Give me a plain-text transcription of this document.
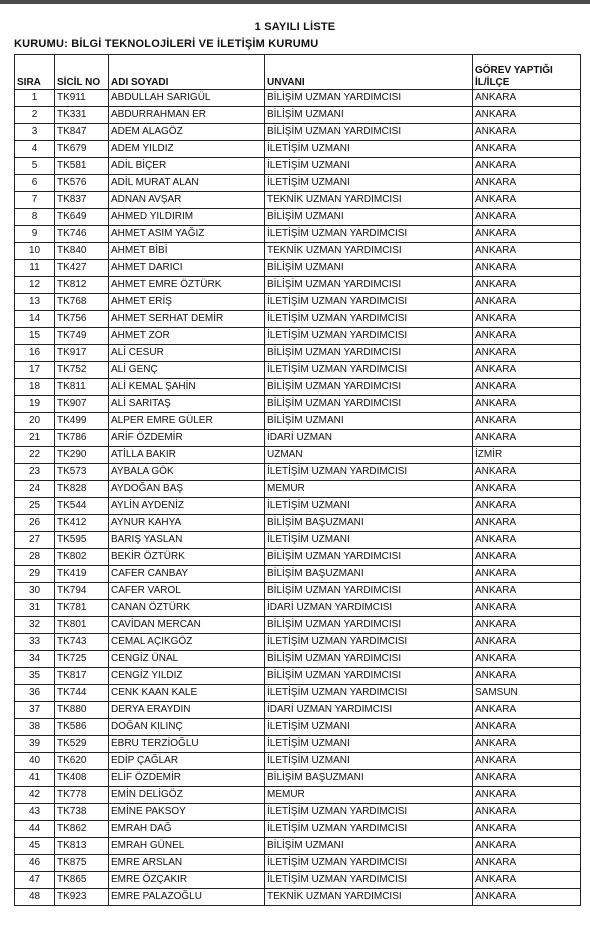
1 SAYILI LİSTE
KURUMU: BİLGİ TEKNOLOJİLERİ VE İLETİŞİM KURUMU
SIRA	SİCİL NO	ADI SOYADI	UNVANI	GÖREV YAPTIĞI
İL/İLÇE
1	TK911	ABDULLAH SARIGÜL	BİLİŞİM UZMAN YARDIMCISI	ANKARA
2	TK331	ABDURRAHMAN ER	BİLİŞİM UZMANI	ANKARA
3	TK847	ADEM ALAGÖZ	BİLİŞİM UZMAN YARDIMCISI	ANKARA
4	TK679	ADEM YILDIZ	İLETİŞİM UZMANI	ANKARA
5	TK581	ADİL BİÇER	İLETİŞİM UZMANI	ANKARA
6	TK576	ADİL MURAT ALAN	İLETİŞİM UZMANI	ANKARA
7	TK837	ADNAN AVŞAR	TEKNİK UZMAN YARDIMCISI	ANKARA
8	TK649	AHMED YILDIRIM	BİLİŞİM UZMANI	ANKARA
9	TK746	AHMET ASIM YAĞIZ	İLETİŞİM UZMAN YARDIMCISI	ANKARA
10	TK840	AHMET BİBİ	TEKNİK UZMAN YARDIMCISI	ANKARA
11	TK427	AHMET DARICI	BİLİŞİM UZMANI	ANKARA
12	TK812	AHMET EMRE ÖZTÜRK	BİLİŞİM UZMAN YARDIMCISI	ANKARA
13	TK768	AHMET ERİŞ	İLETİŞİM UZMAN YARDIMCISI	ANKARA
14	TK756	AHMET SERHAT DEMİR	İLETİŞİM UZMAN YARDIMCISI	ANKARA
15	TK749	AHMET ZOR	İLETİŞİM UZMAN YARDIMCISI	ANKARA
16	TK917	ALİ CESUR	BİLİŞİM UZMAN YARDIMCISI	ANKARA
17	TK752	ALİ GENÇ	İLETİŞİM UZMAN YARDIMCISI	ANKARA
18	TK811	ALİ KEMAL ŞAHİN	BİLİŞİM UZMAN YARDIMCISI	ANKARA
19	TK907	ALİ SARITAŞ	BİLİŞİM UZMAN YARDIMCISI	ANKARA
20	TK499	ALPER EMRE GÜLER	BİLİŞİM UZMANI	ANKARA
21	TK786	ARİF ÖZDEMİR	İDARİ UZMAN	ANKARA
22	TK290	ATİLLA BAKIR	UZMAN	İZMİR
23	TK573	AYBALA GÖK	İLETİŞİM UZMAN YARDIMCISI	ANKARA
24	TK828	AYDOĞAN BAŞ	MEMUR	ANKARA
25	TK544	AYLİN AYDENİZ	İLETİŞİM UZMANI	ANKARA
26	TK412	AYNUR KAHYA	BİLİŞİM BAŞUZMANI	ANKARA
27	TK595	BARIŞ YASLAN	İLETİŞİM UZMANI	ANKARA
28	TK802	BEKİR ÖZTÜRK	BİLİŞİM UZMAN YARDIMCISI	ANKARA
29	TK419	CAFER CANBAY	BİLİŞİM BAŞUZMANI	ANKARA
30	TK794	CAFER VAROL	BİLİŞİM UZMAN YARDIMCISI	ANKARA
31	TK781	CANAN ÖZTÜRK	İDARİ UZMAN YARDIMCISI	ANKARA
32	TK801	CAVİDAN MERCAN	BİLİŞİM UZMAN YARDIMCISI	ANKARA
33	TK743	CEMAL AÇIKGÖZ	İLETİŞİM UZMAN YARDIMCISI	ANKARA
34	TK725	CENGİZ ÜNAL	BİLİŞİM UZMAN YARDIMCISI	ANKARA
35	TK817	CENGİZ YILDIZ	BİLİŞİM UZMAN YARDIMCISI	ANKARA
36	TK744	CENK KAAN KALE	İLETİŞİM UZMAN YARDIMCISI	SAMSUN
37	TK880	DERYA ERAYDIN	İDARİ UZMAN YARDIMCISI	ANKARA
38	TK586	DOĞAN KILINÇ	İLETİŞİM UZMANI	ANKARA
39	TK529	EBRU TERZİOĞLU	İLETİŞİM UZMANI	ANKARA
40	TK620	EDİP ÇAĞLAR	İLETİŞİM UZMANI	ANKARA
41	TK408	ELİF ÖZDEMİR	BİLİŞİM BAŞUZMANI	ANKARA
42	TK778	EMİN DELİGÖZ	MEMUR	ANKARA
43	TK738	EMİNE PAKSOY	İLETİŞİM UZMAN YARDIMCISI	ANKARA
44	TK862	EMRAH DAĞ	İLETİŞİM UZMAN YARDIMCISI	ANKARA
45	TK813	EMRAH GÜNEL	BİLİŞİM UZMANI	ANKARA
46	TK875	EMRE ARSLAN	İLETİŞİM UZMAN YARDIMCISI	ANKARA
47	TK865	EMRE ÖZÇAKIR	İLETİŞİM UZMAN YARDIMCISI	ANKARA
48	TK923	EMRE PALAZOĞLU	TEKNİK UZMAN YARDIMCISI	ANKARA
